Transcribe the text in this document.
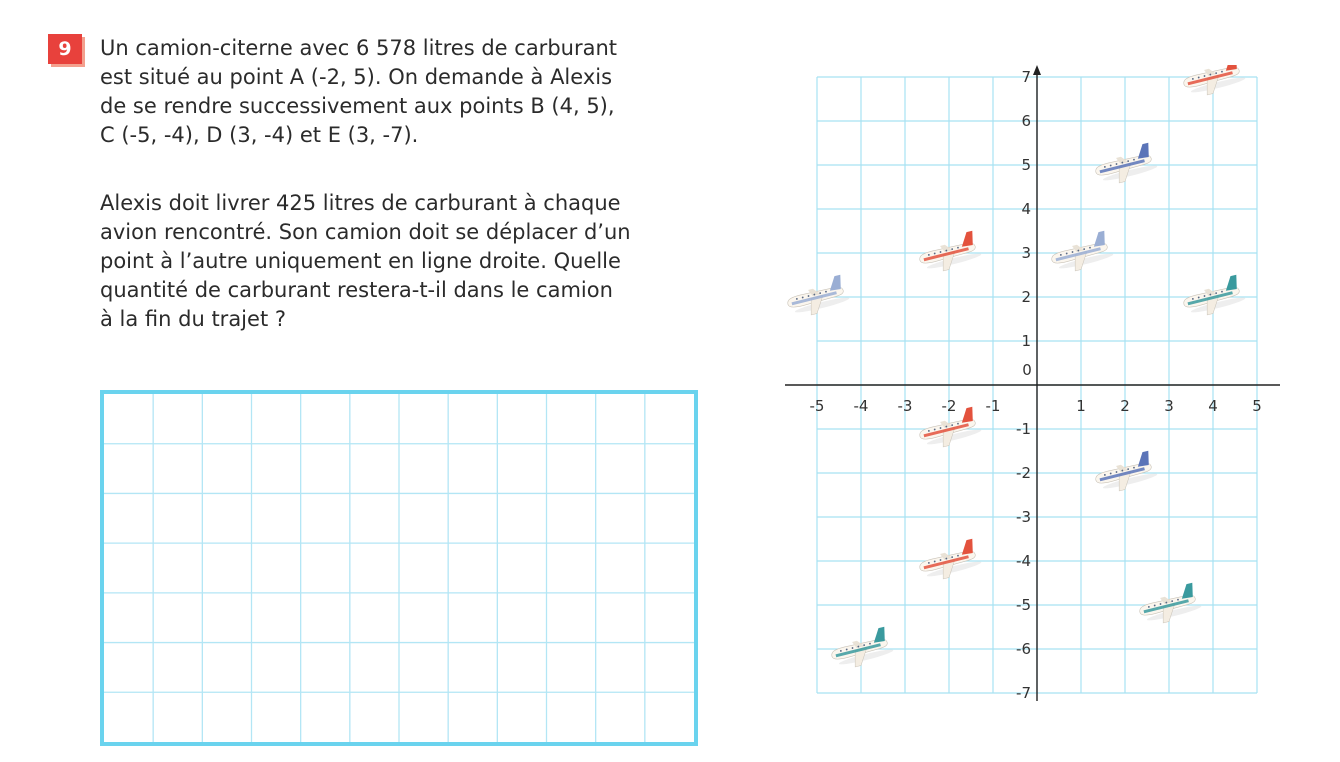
9 Un camion-citerne avec 6 578 litres de carburant
est situé au point A (-2, 5). On demande à Alexis
de se rendre successivement aux points B (4, 5),
C (-5, -4), D (3, -4) et E (3, -7).

Alexis doit livrer 425 litres de carburant à chaque
avion rencontré. Son camion doit se déplacer d’un
point à l’autre uniquement en ligne droite. Quelle
quantité de carburant restera-t-il dans le camion
à la fin du trajet ?

-5 -4 -3 -2 -1
0
1 2 3 4 5
1
2
3
4
5
6
7
-1
-2
-3
-4
-5
-6
-7
